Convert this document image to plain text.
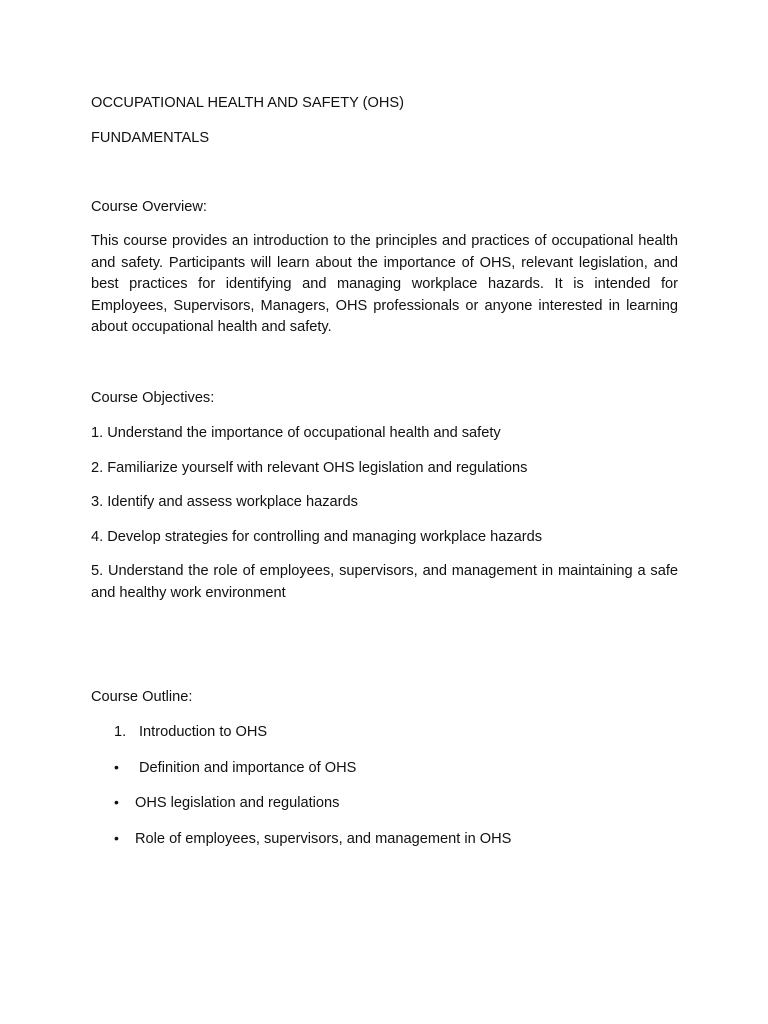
OCCUPATIONAL HEALTH AND SAFETY (OHS)

FUNDAMENTALS

Course Overview:

This course provides an introduction to the principles and practices of occupational health and safety. Participants will learn about the importance of OHS, relevant legislation, and best practices for identifying and managing workplace hazards. It is intended for Employees, Supervisors, Managers, OHS professionals or anyone interested in learning about occupational health and safety.

Course Objectives:

1. Understand the importance of occupational health and safety

2. Familiarize yourself with relevant OHS legislation and regulations

3. Identify and assess workplace hazards

4. Develop strategies for controlling and managing workplace hazards

5. Understand the role of employees, supervisors, and management in maintaining a safe and healthy work environment

Course Outline:

1. Introduction to OHS

• Definition and importance of OHS

• OHS legislation and regulations

• Role of employees, supervisors, and management in OHS
